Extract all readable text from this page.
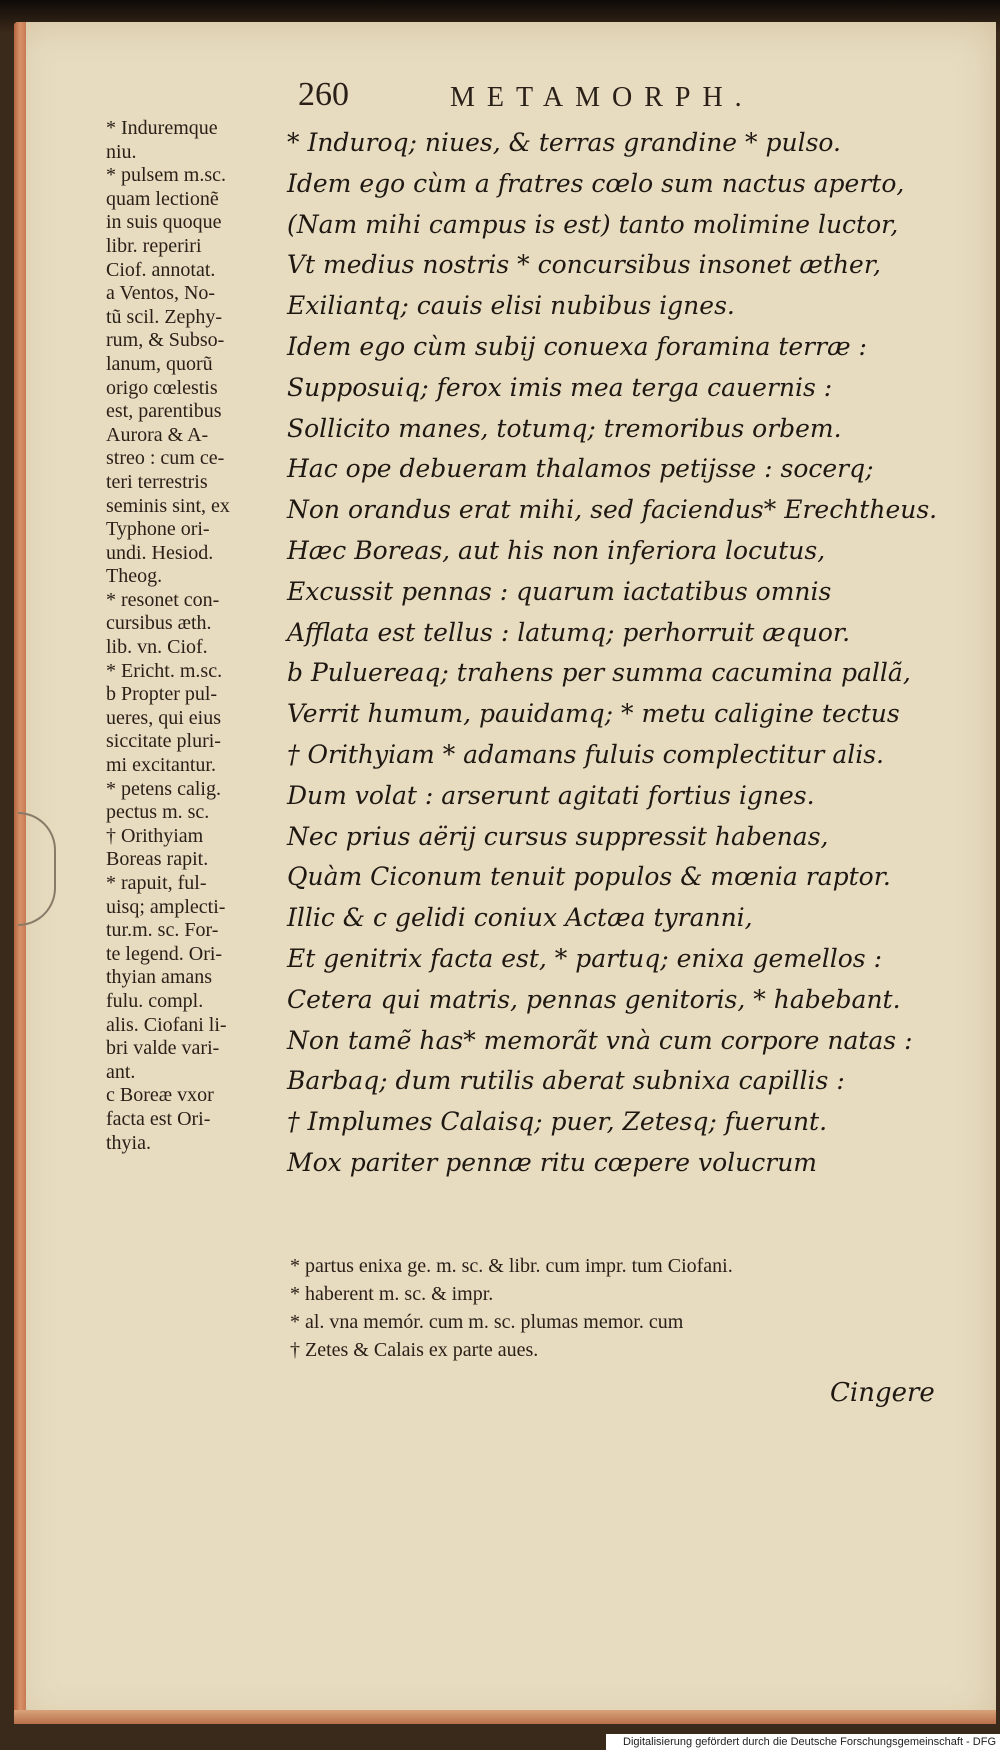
260	METAMORPH.
* Induremque
niu.
* pulsem m.sc.
quam lectionẽ
in suis quoque
libr. reperiri
Ciof. annotat.
a Ventos, No-
tũ scil. Zephy-
rum, & Subso-
lanum, quorũ
origo cœlestis
est, parentibus
Aurora & A-
streo : cum ce-
teri terrestris
seminis sint, ex
Typhone ori-
undi. Hesiod.
Theog.
* resonet con-
cursibus æth.
lib. vn. Ciof.
* Ericht. m.sc.
b Propter pul-
ueres, qui eius
siccitate pluri-
mi excitantur.
* petens calig.
pectus m. sc.
† Orithyiam
Boreas rapit.
* rapuit, ful-
uisq; amplecti-
tur.m. sc. For-
te legend. Ori-
thyian amans
fulu. compl.
alis. Ciofani li-
bri valde vari-
ant.
c Boreæ vxor
facta est Ori-
thyia.
* Induroq; niues, & terras grandine * pulso.
Idem ego cùm a fratres cœlo sum nactus aperto,
(Nam mihi campus is est) tanto molimine luctor,
Vt medius nostris * concursibus insonet æther,
Exiliantq; cauis elisi nubibus ignes.
Idem ego cùm subij conuexa foramina terræ :
Supposuiq; ferox imis mea terga cauernis :
Sollicito manes, totumq; tremoribus orbem.
Hac ope debueram thalamos petijsse : socerq;
Non orandus erat mihi, sed faciendus* Erechtheus.
Hæc Boreas, aut his non inferiora locutus,
Excussit pennas : quarum iactatibus omnis
Afflata est tellus : latumq; perhorruit æquor.
b Puluereaq; trahens per summa cacumina pallã,
Verrit humum, pauidamq; * metu caligine tectus
† Orithyiam * adamans fuluis complectitur alis.
Dum volat : arserunt agitati fortius ignes.
Nec prius aërij cursus suppressit habenas,
Quàm Ciconum tenuit populos & mœnia raptor.
Illic & c gelidi coniux Actæa tyranni,
Et genitrix facta est, * partuq; enixa gemellos :
Cetera qui matris, pennas genitoris, * habebant.
Non tamẽ has* memorãt vnà cum corpore natas :
Barbaq; dum rutilis aberat subnixa capillis :
† Implumes Calaisq; puer, Zetesq; fuerunt.
Mox pariter pennæ ritu cœpere volucrum
* partus enixa ge. m. sc. & libr. cum impr. tum Ciofani.
* haberent m. sc. & impr.
* al. vna memór. cum m. sc. plumas memor. cum
† Zetes & Calais ex parte aues.
Cingere
Digitalisierung gefördert durch die Deutsche Forschungsgemeinschaft - DFG
